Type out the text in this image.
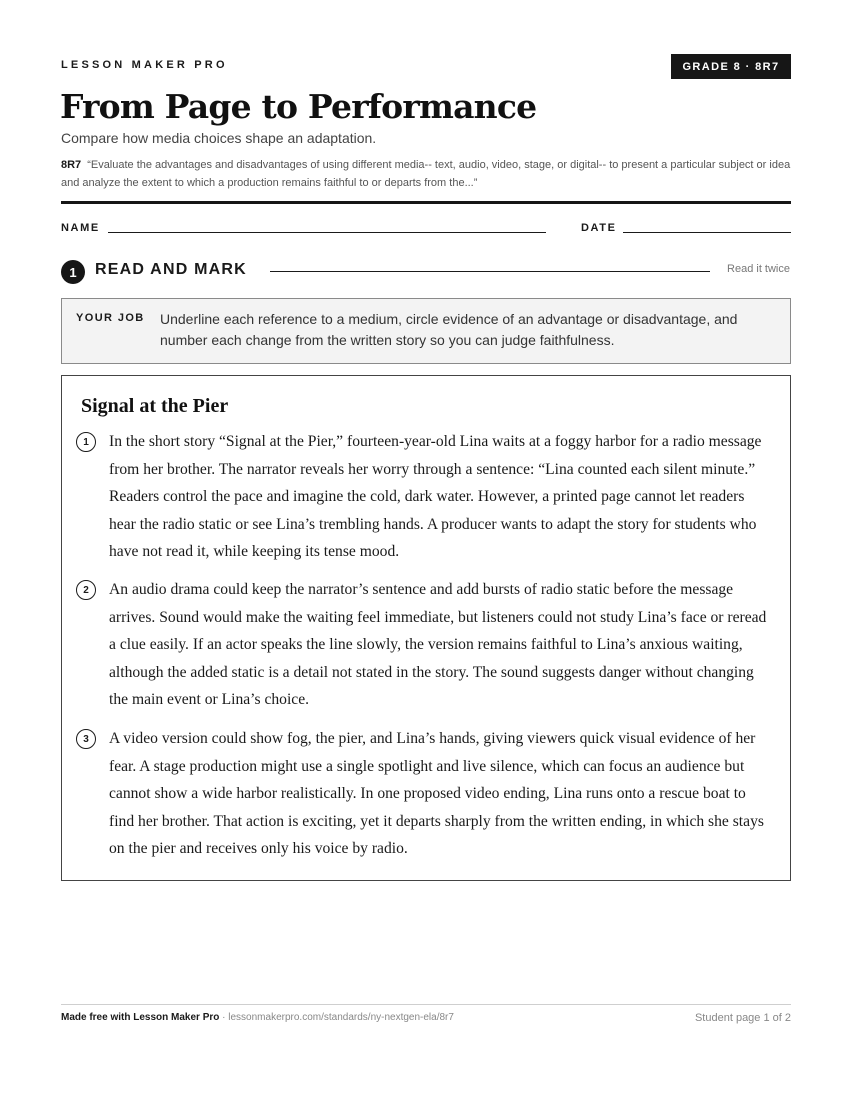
LESSON MAKER PRO	GRADE 8 · 8R7
From Page to Performance
Compare how media choices shape an adaptation.
8R7 “Evaluate the advantages and disadvantages of using different media-- text, audio, video, stage, or digital-- to present a particular subject or idea and analyze the extent to which a production remains faithful to or departs from the...”
NAME	DATE
1	READ AND MARK	Read it twice
YOUR JOB Underline each reference to a medium, circle evidence of an advantage or disadvantage, and number each change from the written story so you can judge faithfulness.
Signal at the Pier
1	In the short story “Signal at the Pier,” fourteen-year-old Lina waits at a foggy harbor for a radio message from her brother. The narrator reveals her worry through a sentence: “Lina counted each silent minute.” Readers control the pace and imagine the cold, dark water. However, a printed page cannot let readers hear the radio static or see Lina’s trembling hands. A producer wants to adapt the story for students who have not read it, while keeping its tense mood.

2	An audio drama could keep the narrator’s sentence and add bursts of radio static before the message arrives. Sound would make the waiting feel immediate, but listeners could not study Lina’s face or reread a clue easily. If an actor speaks the line slowly, the version remains faithful to Lina’s anxious waiting, although the added static is a detail not stated in the story. The sound suggests danger without changing the main event or Lina’s choice.

3	A video version could show fog, the pier, and Lina’s hands, giving viewers quick visual evidence of her fear. A stage production might use a single spotlight and live silence, which can focus an audience but cannot show a wide harbor realistically. In one proposed video ending, Lina runs onto a rescue boat to find her brother. That action is exciting, yet it departs sharply from the written ending, in which she stays on the pier and receives only his voice by radio.

Made free with Lesson Maker Pro · lessonmakerpro.com/standards/ny-nextgen-ela/8r7	Student page 1 of 2
